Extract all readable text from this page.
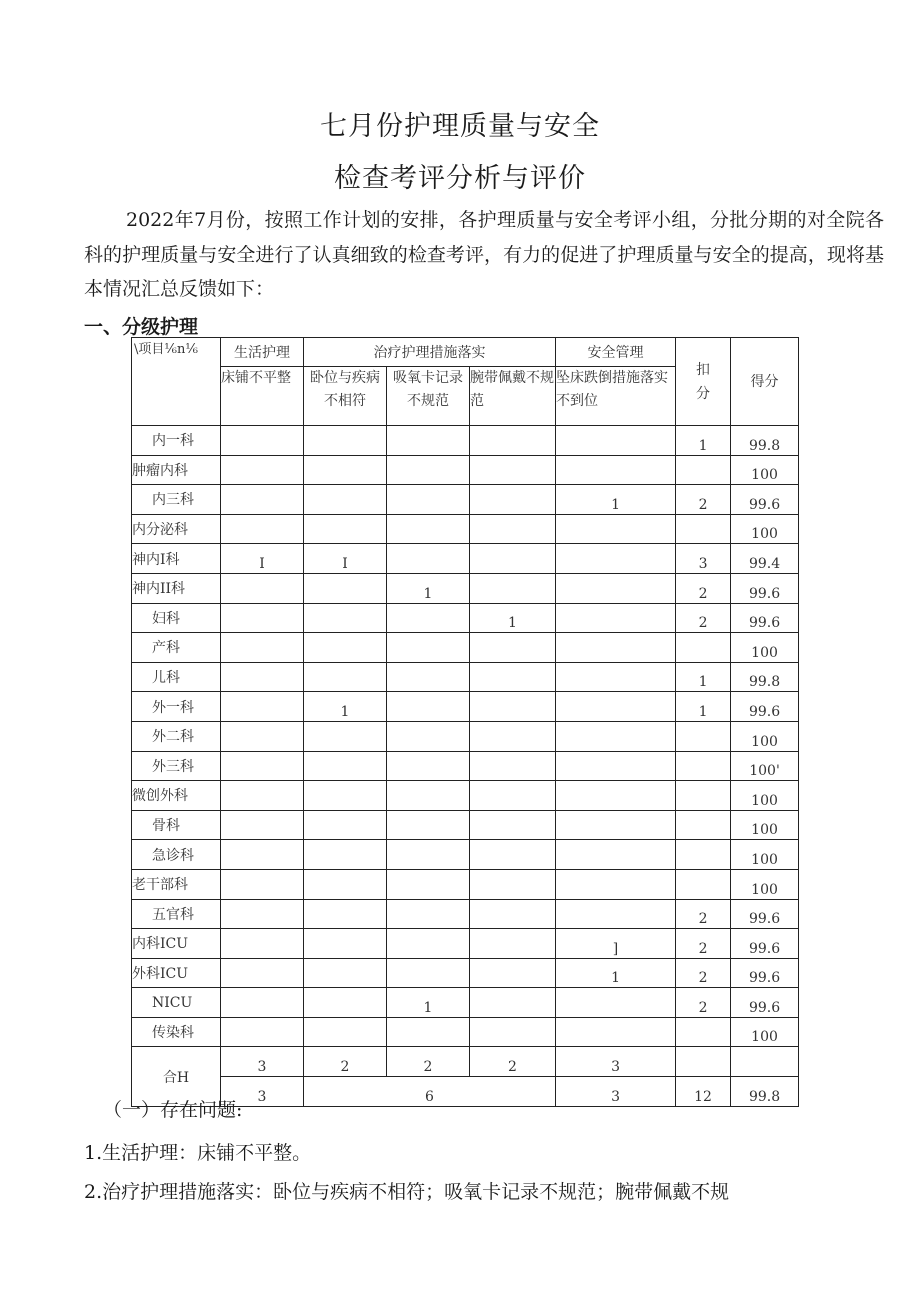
七月份护理质量与安全
检查考评分析与评价

2022年7月份，按照工作计划的安排，各护理质量与安全考评小组，分批分期的对全院各科的护理质量与安全进行了认真细致的检查考评，有力的促进了护理质量与安全的提高，现将基本情况汇总反馈如下：

一、分级护理
\项目⅙n⅙	生活护理	治疗护理措施落实			安全管理	扣分	得分
	床铺不平整	卧位与疾病不相符	吸氧卡记录不规范	腕带佩戴不规范	坠床跌倒措施落实不到位		
内一科						1	99.8
肿瘤内科							100
内三科					1	2	99.6
内分泌科							100
神内I科	I	I				3	99.4
神内II科			1			2	99.6
妇科				1		2	99.6
产科							100
儿科						1	99.8
外一科		1				1	99.6
外二科							100
外三科							100'
微创外科							100
骨科							100
急诊科							100
老干部科							100
五官科						2	99.6
内科ICU					]	2	99.6
外科ICU					1	2	99.6
NICU			1			2	99.6
传染科							100
合H	3	2	2	2	3		
	3	6			3	12	99.8

（一）存在问题:

1.生活护理：床铺不平整。

2.治疗护理措施落实：卧位与疾病不相符；吸氧卡记录不规范；腕带佩戴不规
